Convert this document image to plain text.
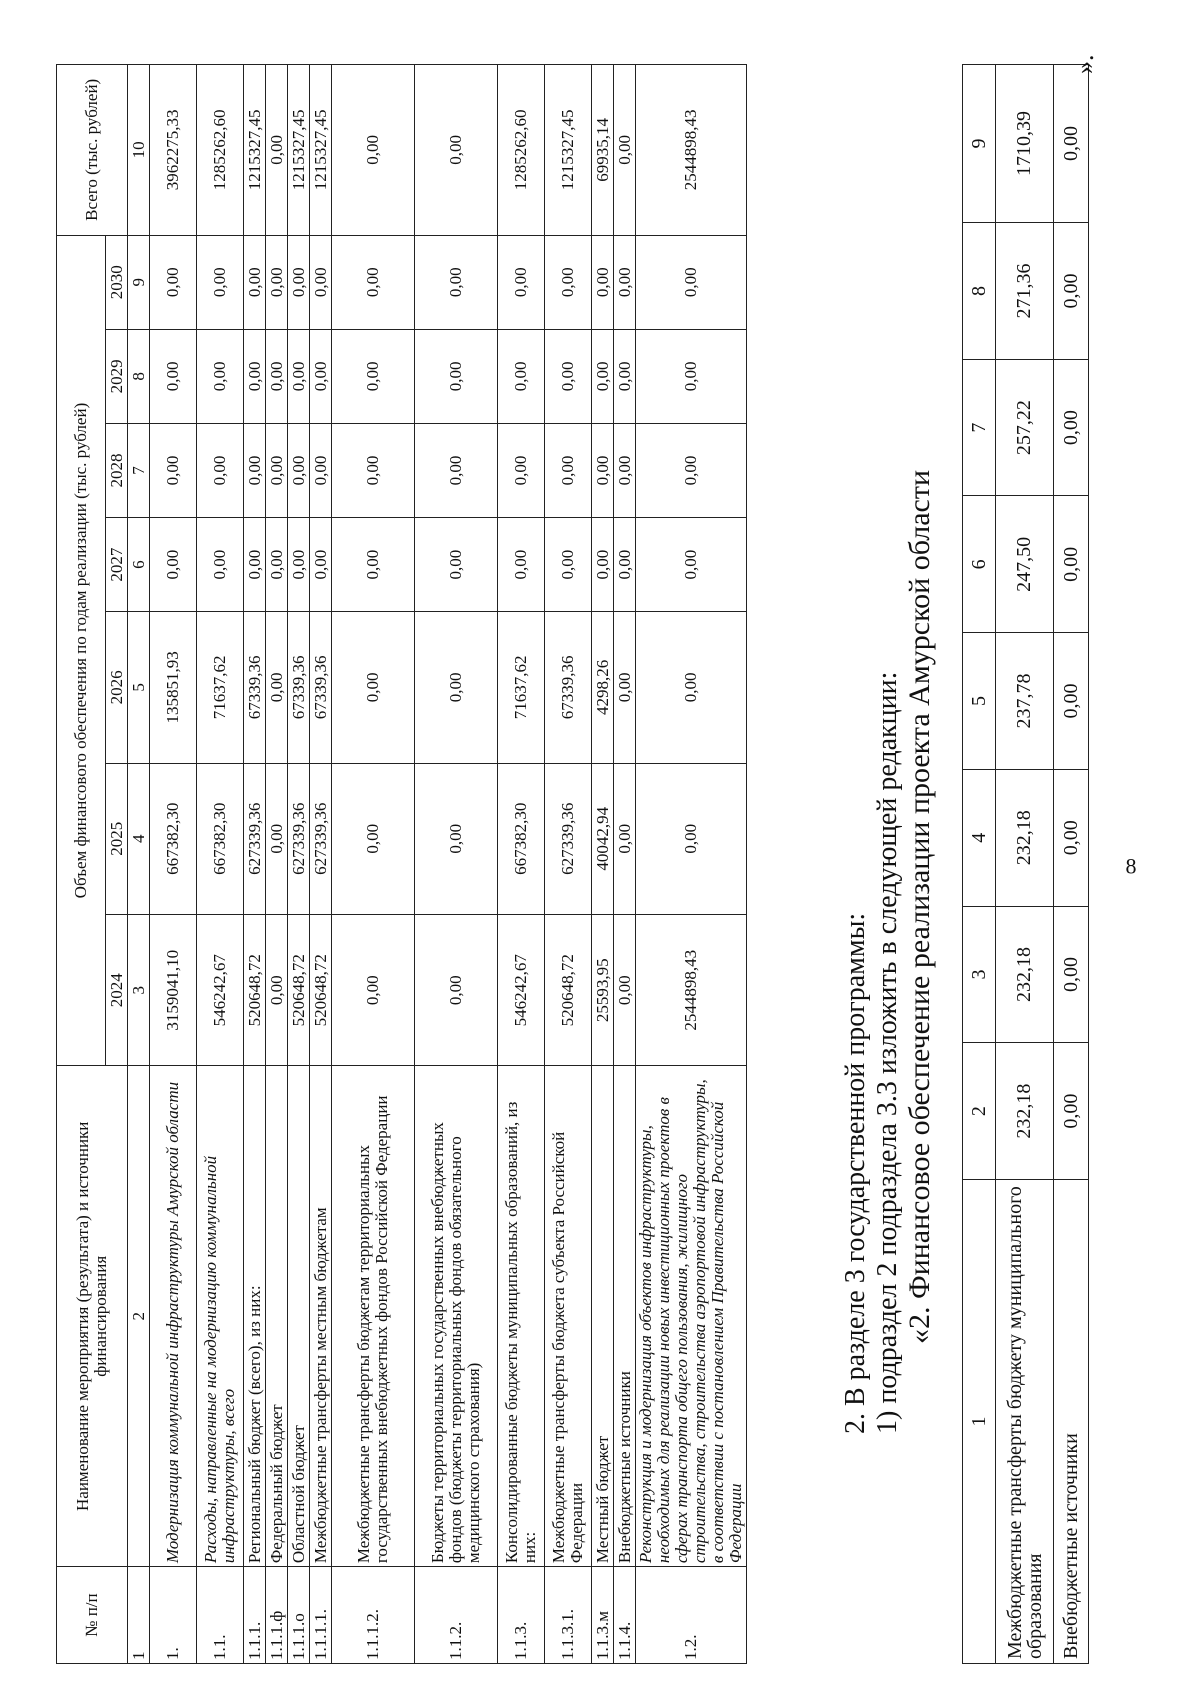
8
1	2	3	4	5	6	7	8	9
Межбюджетные трансферты бюджету муниципального образования	232,18	232,18	232,18	237,78	247,50	257,22	271,36	1710,39
Внебюджетные источники	0,00	0,00	0,00	0,00	0,00	0,00	0,00	0,00
».
2. В разделе 3 государственной программы: 1) подраздел 2 подраздела 3.3 изложить в следующей редакции: «2. Финансовое обеспечение реализации проекта Амурской области
№ п/п	Наименование мероприятия (результата) и источники финансирования	Объем финансового обеспечения по годам реализации (тыс. рублей)							Всего (тыс. рублей)
		2024	2025	2026	2027	2028	2029	2030	
1	2	3	4	5	6	7	8	9	10
1.	Модернизация коммунальной инфраструктуры Амурской области	3159041,10	667382,30	135851,93	0,00	0,00	0,00	0,00	3962275,33
1.1.	Расходы, направленные на модернизацию коммунальной инфраструктуры, всего	546242,67	667382,30	71637,62	0,00	0,00	0,00	0,00	1285262,60
1.1.1.	Региональный бюджет (всего), из них:	520648,72	627339,36	67339,36	0,00	0,00	0,00	0,00	1215327,45
1.1.1.ф	Федеральный бюджет	0,00	0,00	0,00	0,00	0,00	0,00	0,00	0,00
1.1.1.о	Областной бюджет	520648,72	627339,36	67339,36	0,00	0,00	0,00	0,00	1215327,45
1.1.1.1.	Межбюджетные трансферты местным бюджетам	520648,72	627339,36	67339,36	0,00	0,00	0,00	0,00	1215327,45
1.1.1.2.	Межбюджетные трансферты бюджетам территориальных государственных внебюджетных фондов Российской Федерации	0,00	0,00	0,00	0,00	0,00	0,00	0,00	0,00
1.1.2.	Бюджеты территориальных государственных внебюджетных фондов (бюджеты территориальных фондов обязательного медицинского страхования)	0,00	0,00	0,00	0,00	0,00	0,00	0,00	0,00
1.1.3.	Консолидированные бюджеты муниципальных образований, из них:	546242,67	667382,30	71637,62	0,00	0,00	0,00	0,00	1285262,60
1.1.3.1.	Межбюджетные трансферты бюджета субъекта Российской Федерации	520648,72	627339,36	67339,36	0,00	0,00	0,00	0,00	1215327,45
1.1.3.м	Местный бюджет	25593,95	40042,94	4298,26	0,00	0,00	0,00	0,00	69935,14
1.1.4.	Внебюджетные источники	0,00	0,00	0,00	0,00	0,00	0,00	0,00	0,00
1.2.	Реконструкция и модернизация объектов инфраструктуры, необходимых для реализации новых инвестиционных проектов в сферах транспорта общего пользования, жилищного строительства, строительства аэропортовой инфраструктуры, в соответствии с постановлением Правительства Российской Федерации	2544898,43	0,00	0,00	0,00	0,00	0,00	0,00	2544898,43
